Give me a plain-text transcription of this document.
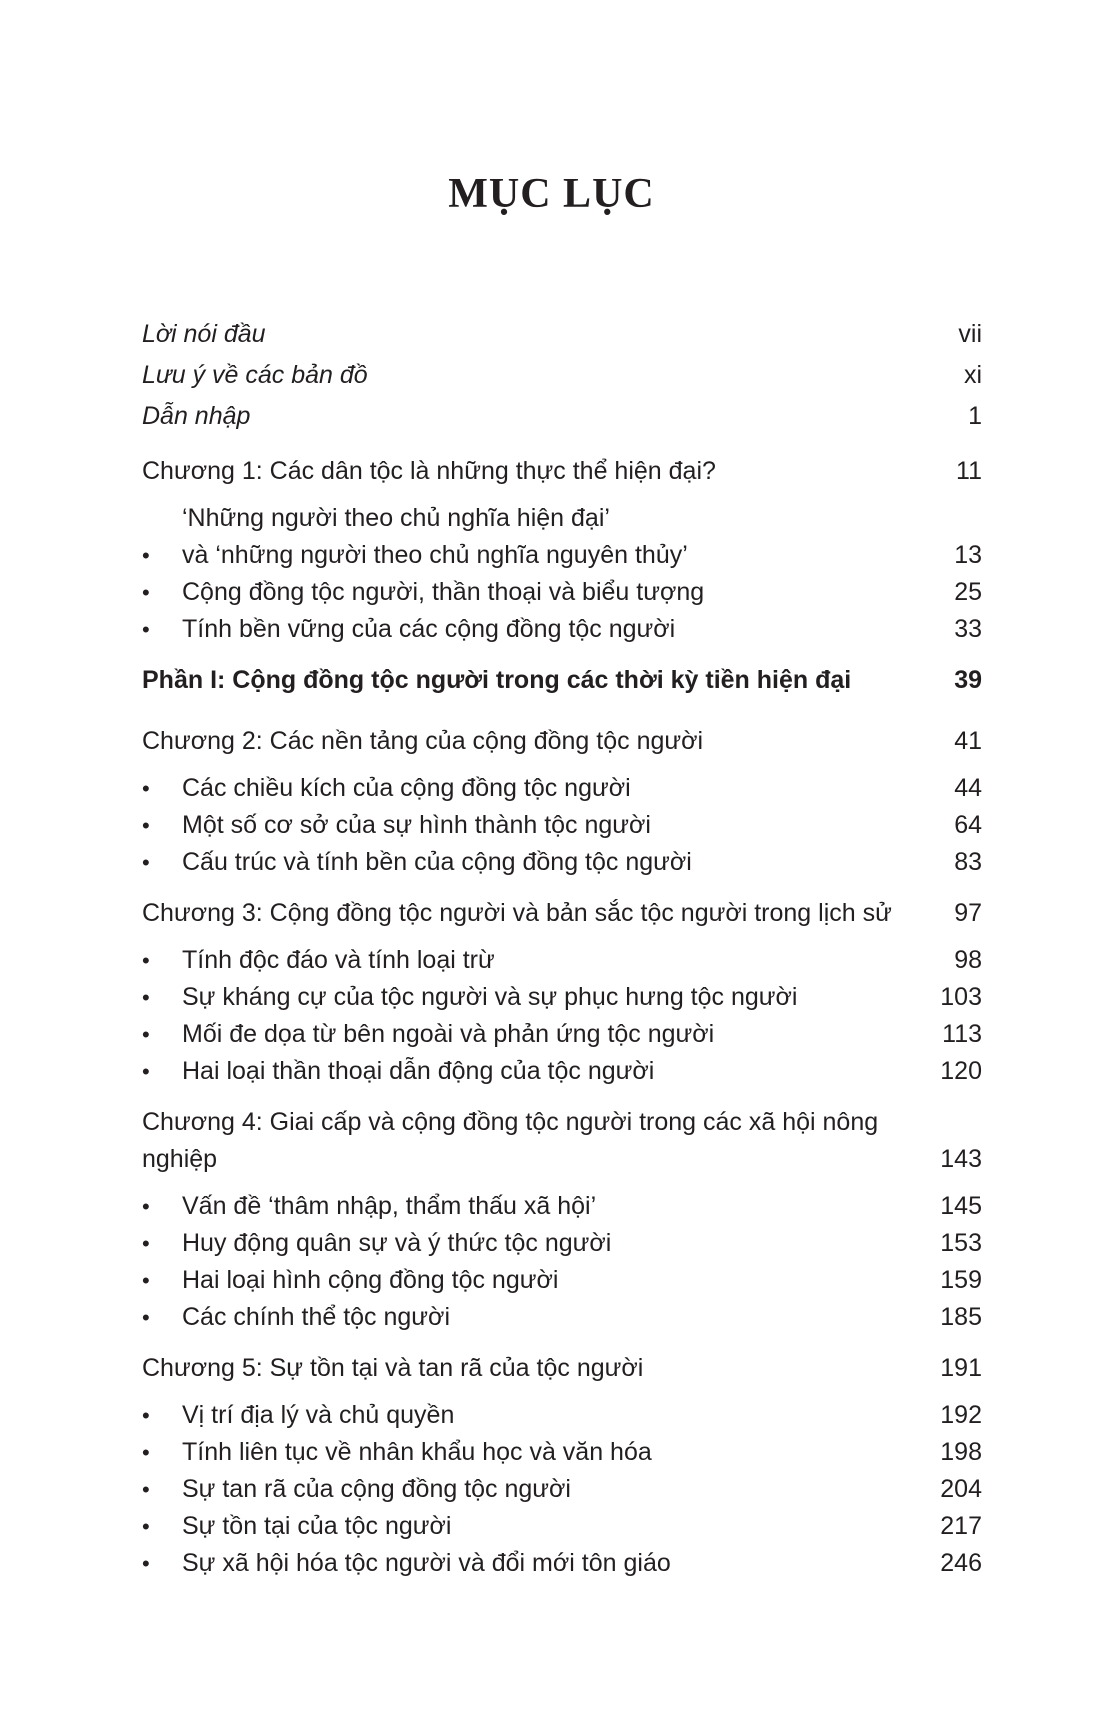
MỤC LỤC
Lời nói đầu	vii
Lưu ý về các bản đồ	xi
Dẫn nhập	1
Chương 1: Các dân tộc là những thực thể hiện đại?	11
•
‘Những người theo chủ nghĩa hiện đại’
và ‘những người theo chủ nghĩa nguyên thủy’	13
• Cộng đồng tộc người, thần thoại và biểu tượng	25
• Tính bền vững của các cộng đồng tộc người	33
Phần I: Cộng đồng tộc người trong các thời kỳ tiền hiện đại	39
Chương 2: Các nền tảng của cộng đồng tộc người	41
• Các chiều kích của cộng đồng tộc người	44
• Một số cơ sở của sự hình thành tộc người	64
• Cấu trúc và tính bền của cộng đồng tộc người	83
Chương 3: Cộng đồng tộc người và bản sắc tộc người trong lịch sử	97
• Tính độc đáo và tính loại trừ	98
• Sự kháng cự của tộc người và sự phục hưng tộc người	103
• Mối đe dọa từ bên ngoài và phản ứng tộc người	113
• Hai loại thần thoại dẫn động của tộc người	120
Chương 4: Giai cấp và cộng đồng tộc người trong các xã hội nông nghiệp	143
• Vấn đề ‘thâm nhập, thẩm thấu xã hội’	145
• Huy động quân sự và ý thức tộc người	153
• Hai loại hình cộng đồng tộc người	159
• Các chính thể tộc người	185
Chương 5: Sự tồn tại và tan rã của tộc người	191
• Vị trí địa lý và chủ quyền	192
• Tính liên tục về nhân khẩu học và văn hóa	198
• Sự tan rã của cộng đồng tộc người	204
• Sự tồn tại của tộc người	217
• Sự xã hội hóa tộc người và đổi mới tôn giáo	246
